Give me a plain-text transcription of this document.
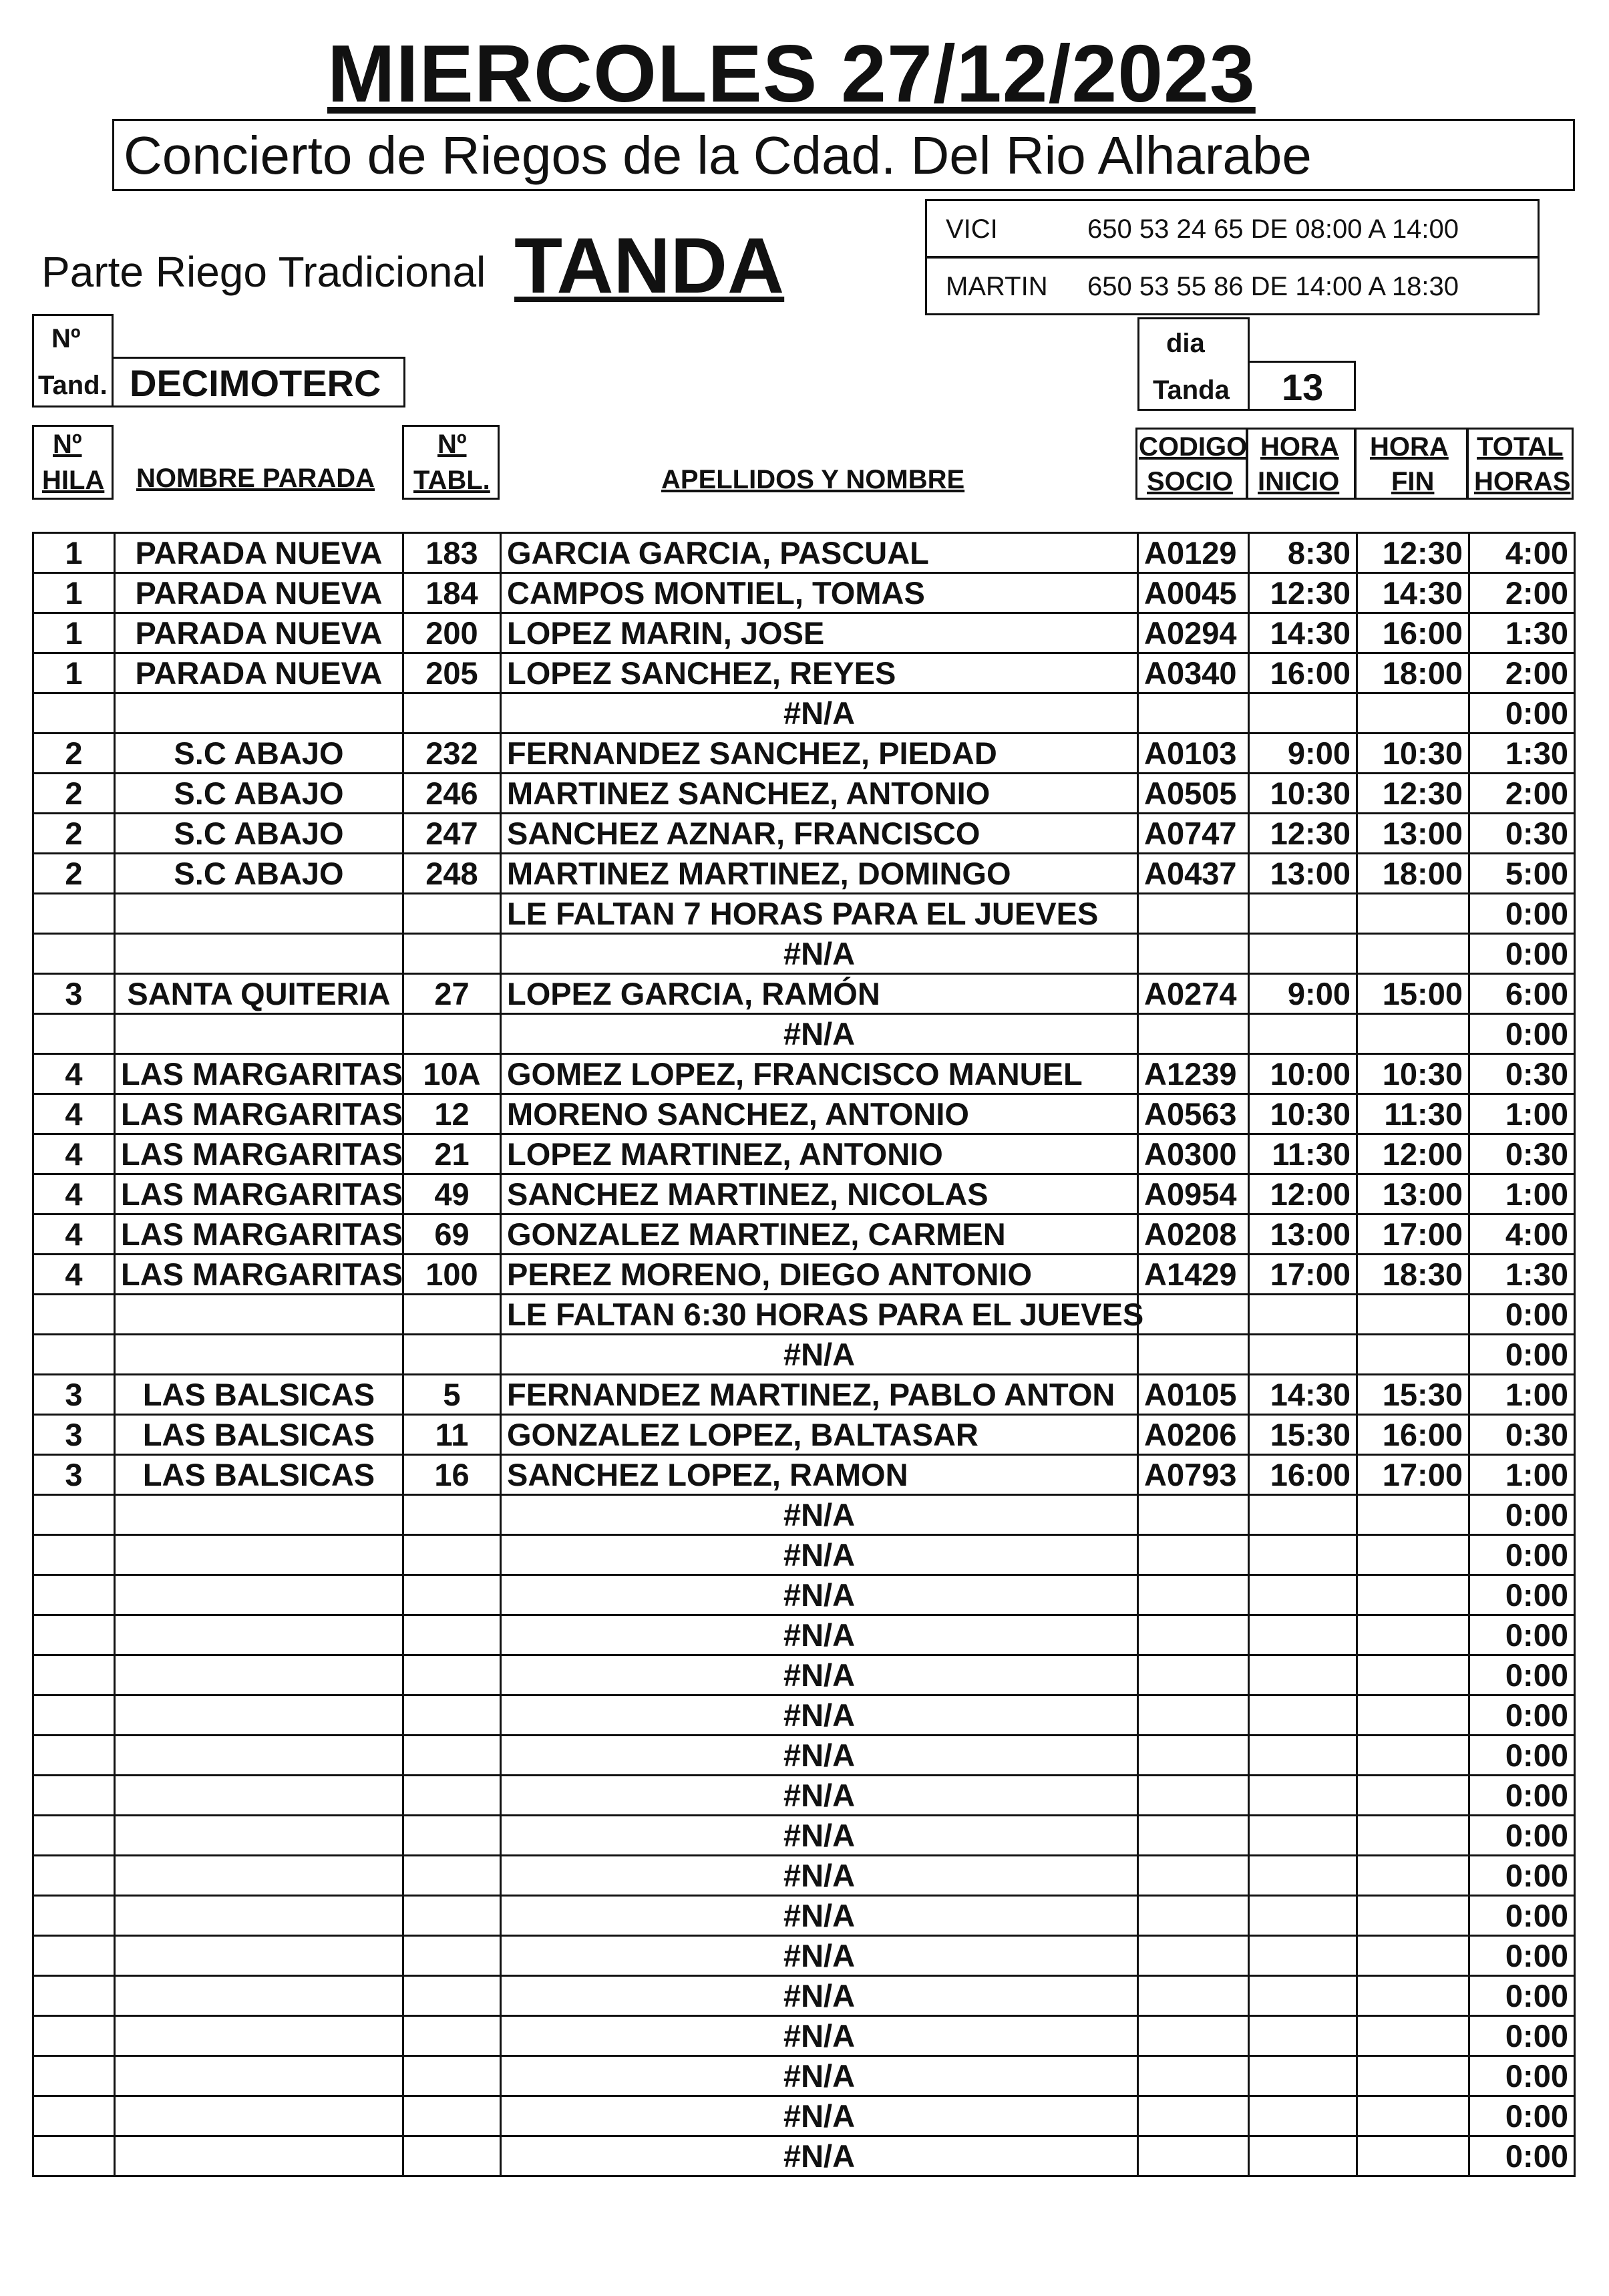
MIERCOLES 27/12/2023
Concierto de Riegos de la Cdad. Del Rio Alharabe
Parte Riego Tradicional TANDA	VICI	650 53 24 65 DE 08:00 A 14:00
MARTIN 650 53 55 86 DE 14:00 A 18:30
Nº
Tand. DECIMOTERC
dia
Tanda 13
Nº
HILA NOMBRE PARADA
Nº
TABL.	APELLIDOS Y NOMBRE
CODIGO
SOCIO
HORA
INICIO
HORA
FIN
TOTAL
HORAS
1	PARADA NUEVA	183	GARCIA GARCIA, PASCUAL	A0129	8:30	12:30	4:00
1	PARADA NUEVA	184	CAMPOS MONTIEL, TOMAS	A0045	12:30	14:30	2:00
1	PARADA NUEVA	200	LOPEZ MARIN, JOSE	A0294	14:30	16:00	1:30
1	PARADA NUEVA	205	LOPEZ SANCHEZ, REYES	A0340	16:00	18:00	2:00
			#N/A				0:00
2	S.C ABAJO	232	FERNANDEZ SANCHEZ, PIEDAD	A0103	9:00	10:30	1:30
2	S.C ABAJO	246	MARTINEZ SANCHEZ, ANTONIO	A0505	10:30	12:30	2:00
2	S.C ABAJO	247	SANCHEZ AZNAR, FRANCISCO	A0747	12:30	13:00	0:30
2	S.C ABAJO	248	MARTINEZ MARTINEZ, DOMINGO	A0437	13:00	18:00	5:00
			LE FALTAN 7 HORAS PARA EL JUEVES				0:00
			#N/A				0:00
3	SANTA QUITERIA	27	LOPEZ GARCIA, RAMÓN	A0274	9:00	15:00	6:00
			#N/A				0:00
4	LAS MARGARITAS	10A	GOMEZ LOPEZ, FRANCISCO MANUEL	A1239	10:00	10:30	0:30
4	LAS MARGARITAS	12	MORENO SANCHEZ, ANTONIO	A0563	10:30	11:30	1:00
4	LAS MARGARITAS	21	LOPEZ MARTINEZ, ANTONIO	A0300	11:30	12:00	0:30
4	LAS MARGARITAS	49	SANCHEZ MARTINEZ, NICOLAS	A0954	12:00	13:00	1:00
4	LAS MARGARITAS	69	GONZALEZ MARTINEZ, CARMEN	A0208	13:00	17:00	4:00
4	LAS MARGARITAS	100	PEREZ MORENO, DIEGO ANTONIO	A1429	17:00	18:30	1:30
			LE FALTAN 6:30 HORAS PARA EL JUEVES				0:00
			#N/A				0:00
3	LAS BALSICAS	5	FERNANDEZ MARTINEZ, PABLO ANTON	A0105	14:30	15:30	1:00
3	LAS BALSICAS	11	GONZALEZ LOPEZ, BALTASAR	A0206	15:30	16:00	0:30
3	LAS BALSICAS	16	SANCHEZ LOPEZ, RAMON	A0793	16:00	17:00	1:00
			#N/A				0:00
			#N/A				0:00
			#N/A				0:00
			#N/A				0:00
			#N/A				0:00
			#N/A				0:00
			#N/A				0:00
			#N/A				0:00
			#N/A				0:00
			#N/A				0:00
			#N/A				0:00
			#N/A				0:00
			#N/A				0:00
			#N/A				0:00
			#N/A				0:00
			#N/A				0:00
			#N/A				0:00
